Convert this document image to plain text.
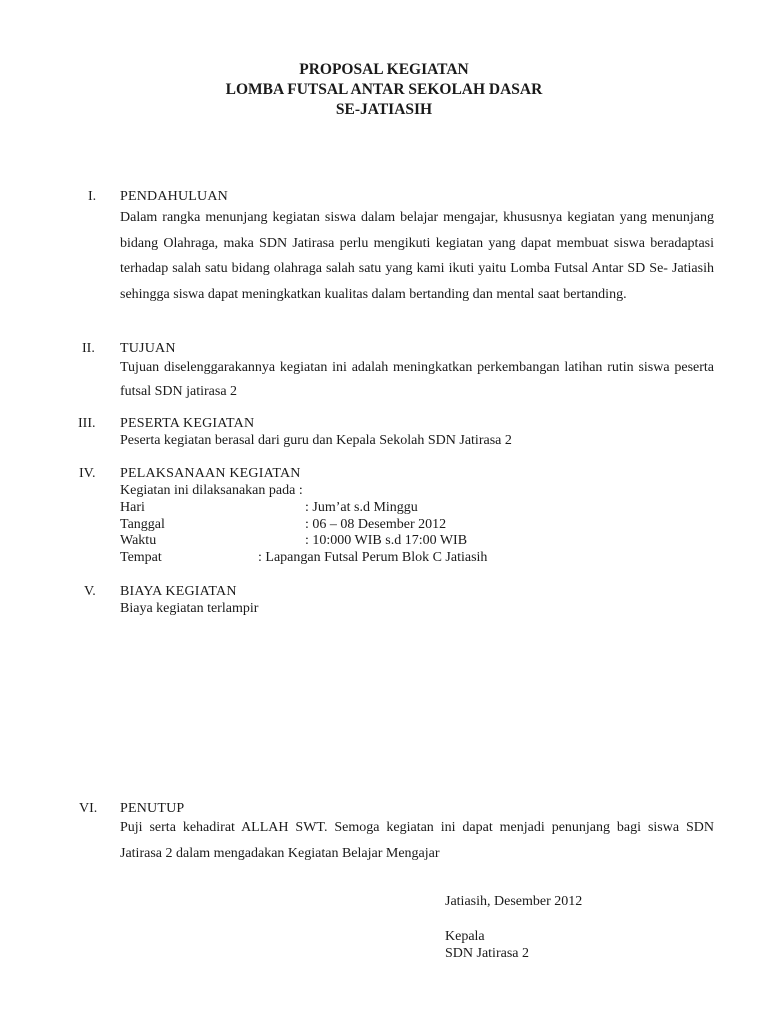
PROPOSAL KEGIATAN
LOMBA FUTSAL ANTAR SEKOLAH DASAR
SE-JATIASIH
I. PENDAHULUAN

Dalam rangka menunjang kegiatan siswa dalam belajar mengajar, khususnya kegiatan yang menunjang bidang Olahraga, maka SDN Jatirasa perlu mengikuti kegiatan yang dapat membuat siswa beradaptasi terhadap salah satu bidang olahraga salah satu yang kami ikuti yaitu Lomba Futsal Antar SD Se- Jatiasih sehingga siswa dapat meningkatkan kualitas dalam bertanding dan mental saat bertanding.

II. TUJUAN

Tujuan diselenggarakannya kegiatan ini adalah meningkatkan perkembangan latihan rutin siswa peserta futsal SDN jatirasa 2

III. PESERTA KEGIATAN
Peserta kegiatan berasal dari guru dan Kepala Sekolah SDN Jatirasa 2
IV. PELAKSANAAN KEGIATAN
Kegiatan ini dilaksanakan pada :
Hari	: Jum’at s.d Minggu
Tanggal	: 06 – 08 Desember 2012
Waktu	: 10:000 WIB s.d 17:00 WIB
Tempat	: Lapangan Futsal Perum Blok C Jatiasih
V. BIAYA KEGIATAN
Biaya kegiatan terlampir
VI. PENUTUP

Puji serta kehadirat ALLAH SWT. Semoga kegiatan ini dapat menjadi penunjang bagi siswa SDN Jatirasa 2 dalam mengadakan Kegiatan Belajar Mengajar

Jatiasih, Desember 2012
Kepala
SDN Jatirasa 2
